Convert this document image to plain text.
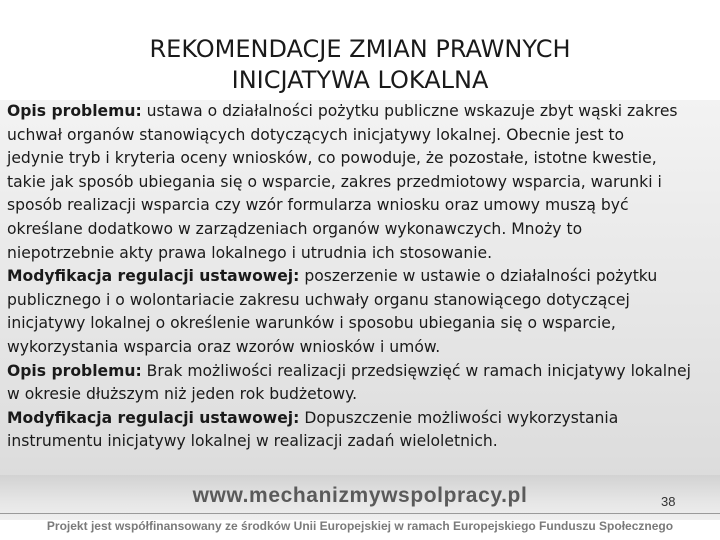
REKOMENDACJE ZMIAN PRAWNYCH
INICJATYWA LOKALNA
Opis problemu: ustawa o działalności pożytku publiczne wskazuje zbyt wąski zakres
uchwał organów stanowiących dotyczących inicjatywy lokalnej. Obecnie jest to
jedynie tryb i kryteria oceny wniosków, co powoduje, że pozostałe, istotne kwestie,
takie jak sposób ubiegania się o wsparcie, zakres przedmiotowy wsparcia, warunki i
sposób realizacji wsparcia czy wzór formularza wniosku oraz umowy muszą być
określane dodatkowo w zarządzeniach organów wykonawczych. Mnoży to
niepotrzebnie akty prawa lokalnego i utrudnia ich stosowanie.
Modyfikacja regulacji ustawowej: poszerzenie w ustawie o działalności pożytku
publicznego i o wolontariacie zakresu uchwały organu stanowiącego dotyczącej
inicjatywy lokalnej o określenie warunków i sposobu ubiegania się o wsparcie,
wykorzystania wsparcia oraz wzorów wniosków i umów.
Opis problemu: Brak możliwości realizacji przedsięwzięć w ramach inicjatywy lokalnej
w okresie dłuższym niż jeden rok budżetowy.
Modyfikacja regulacji ustawowej: Dopuszczenie możliwości wykorzystania
instrumentu inicjatywy lokalnej w realizacji zadań wieloletnich.
www.mechanizmywspolpracy.pl	38
Projekt jest współfinansowany ze środków Unii Europejskiej w ramach Europejskiego Funduszu Społecznego
